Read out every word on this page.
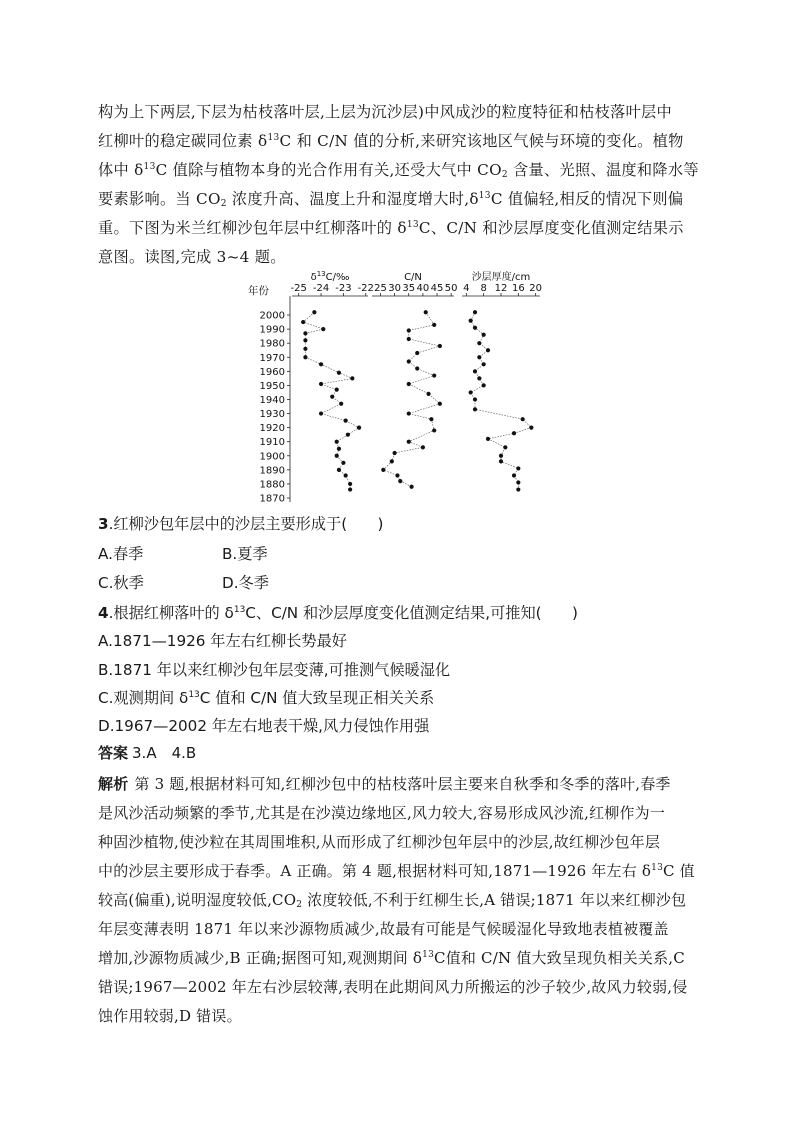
构为上下两层,下层为枯枝落叶层,上层为沉沙层)中风成沙的粒度特征和枯枝落叶层中
红柳叶的稳定碳同位素 $\delta^{13}C$ 和 C/N 值的分析,来研究该地区气候与环境的变化。植物
体中 $\delta^{13}C$ 值除与植物本身的光合作用有关,还受大气中 $CO_2$ 含量、光照、温度和降水等
要素影响。当 $CO_2$ 浓度升高、温度上升和湿度增大时$,\delta^{13}C$ 值偏轻,相反的情况下则偏
重。下图为米兰红柳沙包年层中红柳落叶的 $\delta^{13}C$、C/N 和沙层厚度变化值测定结果示
意图。读图,完成 3~4 题。
年份
2000
1990
1980
1970
1960
1950
1940
1930
1920
1910
1900
1890
1880
1870
$\delta^{13}C/‰$
-25 -24 -23 -22
C/N
25 30 35 40 45 50
沙层厚度/cm
4 8 12 16 20
3.红柳沙包年层中的沙层主要形成于(　　)
A.春季	B.夏季
C.秋季	D.冬季
4.根据红柳落叶的 $\delta^{13}C$、C/N 和沙层厚度变化值测定结果,可推知(　　)
A.1871—1926 年左右红柳长势最好
B.1871 年以来红柳沙包年层变薄,可推测气候暖湿化
C.观测期间 $\delta^{13}C$ 值和 C/N 值大致呈现正相关关系
D.1967—2002 年左右地表干燥,风力侵蚀作用强
答案 3.A　4.B
解析 第 3 题,根据材料可知,红柳沙包中的枯枝落叶层主要来自秋季和冬季的落叶,春季
是风沙活动频繁的季节,尤其是在沙漠边缘地区,风力较大,容易形成风沙流,红柳作为一
种固沙植物,使沙粒在其周围堆积,从而形成了红柳沙包年层中的沙层,故红柳沙包年层
中的沙层主要形成于春季。A 正确。第 4 题,根据材料可知,1871—1926 年左右 $\delta^{13}C$ 值
较高(偏重),说明湿度较低$,CO_2$ 浓度较低,不利于红柳生长,A 错误;1871 年以来红柳沙包
年层变薄表明 1871 年以来沙源物质减少,故最有可能是气候暖湿化导致地表植被覆盖
增加,沙源物质减少,B 正确;据图可知,观测期间 $\delta^{13}C$值和 C/N 值大致呈现负相关关系,C
错误;1967—2002 年左右沙层较薄,表明在此期间风力所搬运的沙子较少,故风力较弱,侵
蚀作用较弱,D 错误。
